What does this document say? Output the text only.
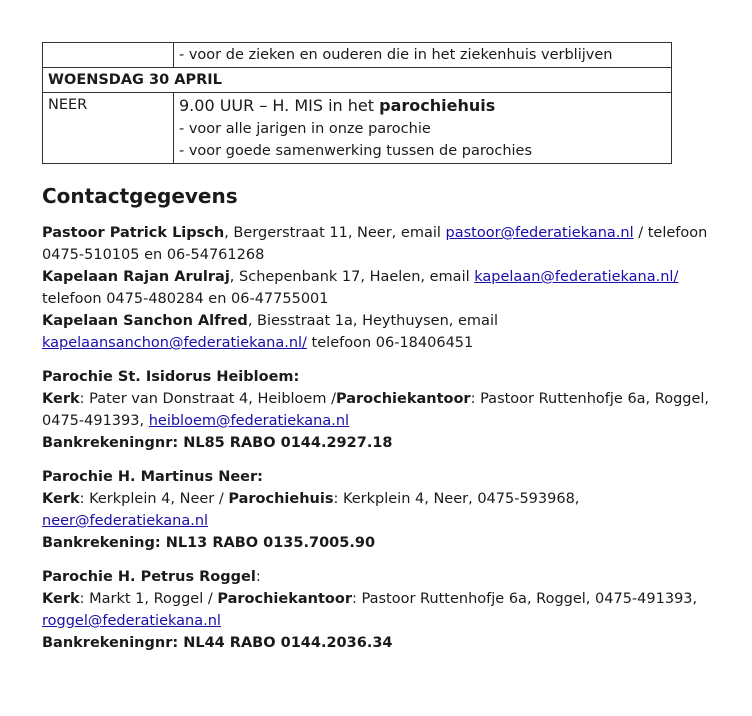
	- voor de zieken en ouderen die in het ziekenhuis verblijven
WOENSDAG 30 APRIL	
NEER	9.00 UUR – H. MIS in het parochiehuis
- voor alle jarigen in onze parochie
- voor goede samenwerking tussen de parochies
Contactgegevens

Pastoor Patrick Lipsch, Bergerstraat 11, Neer, email pastoor@federatiekana.nl / telefoon

0475-510105 en 06-54761268

Kapelaan Rajan Arulraj, Schepenbank 17, Haelen, email kapelaan@federatiekana.nl/

telefoon 0475-480284 en 06-47755001

Kapelaan Sanchon Alfred, Biesstraat 1a, Heythuysen, email

kapelaansanchon@federatiekana.nl/ telefoon 06-18406451

Parochie St. Isidorus Heibloem:

Kerk: Pater van Donstraat 4, Heibloem /Parochiekantoor: Pastoor Ruttenhofje 6a, Roggel,

0475-491393, heibloem@federatiekana.nl

Bankrekeningnr: NL85 RABO 0144.2927.18

Parochie H. Martinus Neer:

Kerk: Kerkplein 4, Neer / Parochiehuis: Kerkplein 4, Neer, 0475-593968,

neer@federatiekana.nl

Bankrekening: NL13 RABO 0135.7005.90

Parochie H. Petrus Roggel:

Kerk: Markt 1, Roggel / Parochiekantoor: Pastoor Ruttenhofje 6a, Roggel, 0475-491393,

roggel@federatiekana.nl

Bankrekeningnr: NL44 RABO 0144.2036.34
